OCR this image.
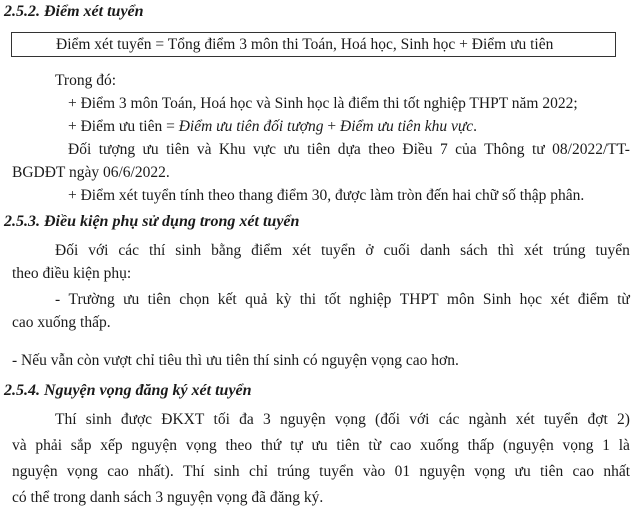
2.5.2. Điểm xét tuyển
Điểm xét tuyển = Tổng điểm 3 môn thi Toán, Hoá học, Sinh học + Điểm ưu tiên
Trong đó:
+ Điểm 3 môn Toán, Hoá học và Sinh học là điểm thi tốt nghiệp THPT năm 2022;
+ Điểm ưu tiên = Điểm ưu tiên đối tượng + Điểm ưu tiên khu vực.
Đối tượng ưu tiên và Khu vực ưu tiên dựa theo Điều 7 của Thông tư 08/2022/TT-
BGDĐT ngày 06/6/2022.
+ Điểm xét tuyển tính theo thang điểm 30, được làm tròn đến hai chữ số thập phân.
2.5.3. Điều kiện phụ sử dụng trong xét tuyển
Đối với các thí sinh bằng điểm xét tuyển ở cuối danh sách thì xét trúng tuyển
theo điều kiện phụ:
- Trường ưu tiên chọn kết quả kỳ thi tốt nghiệp THPT môn Sinh học xét điểm từ
cao xuống thấp.
- Nếu vẫn còn vượt chỉ tiêu thì ưu tiên thí sinh có nguyện vọng cao hơn.
2.5.4. Nguyện vọng đăng ký xét tuyển
Thí sinh được ĐKXT tối đa 3 nguyện vọng (đối với các ngành xét tuyển đợt 2)
và phải sắp xếp nguyện vọng theo thứ tự ưu tiên từ cao xuống thấp (nguyện vọng 1 là
nguyện vọng cao nhất). Thí sinh chỉ trúng tuyển vào 01 nguyện vọng ưu tiên cao nhất
có thể trong danh sách 3 nguyện vọng đã đăng ký.
